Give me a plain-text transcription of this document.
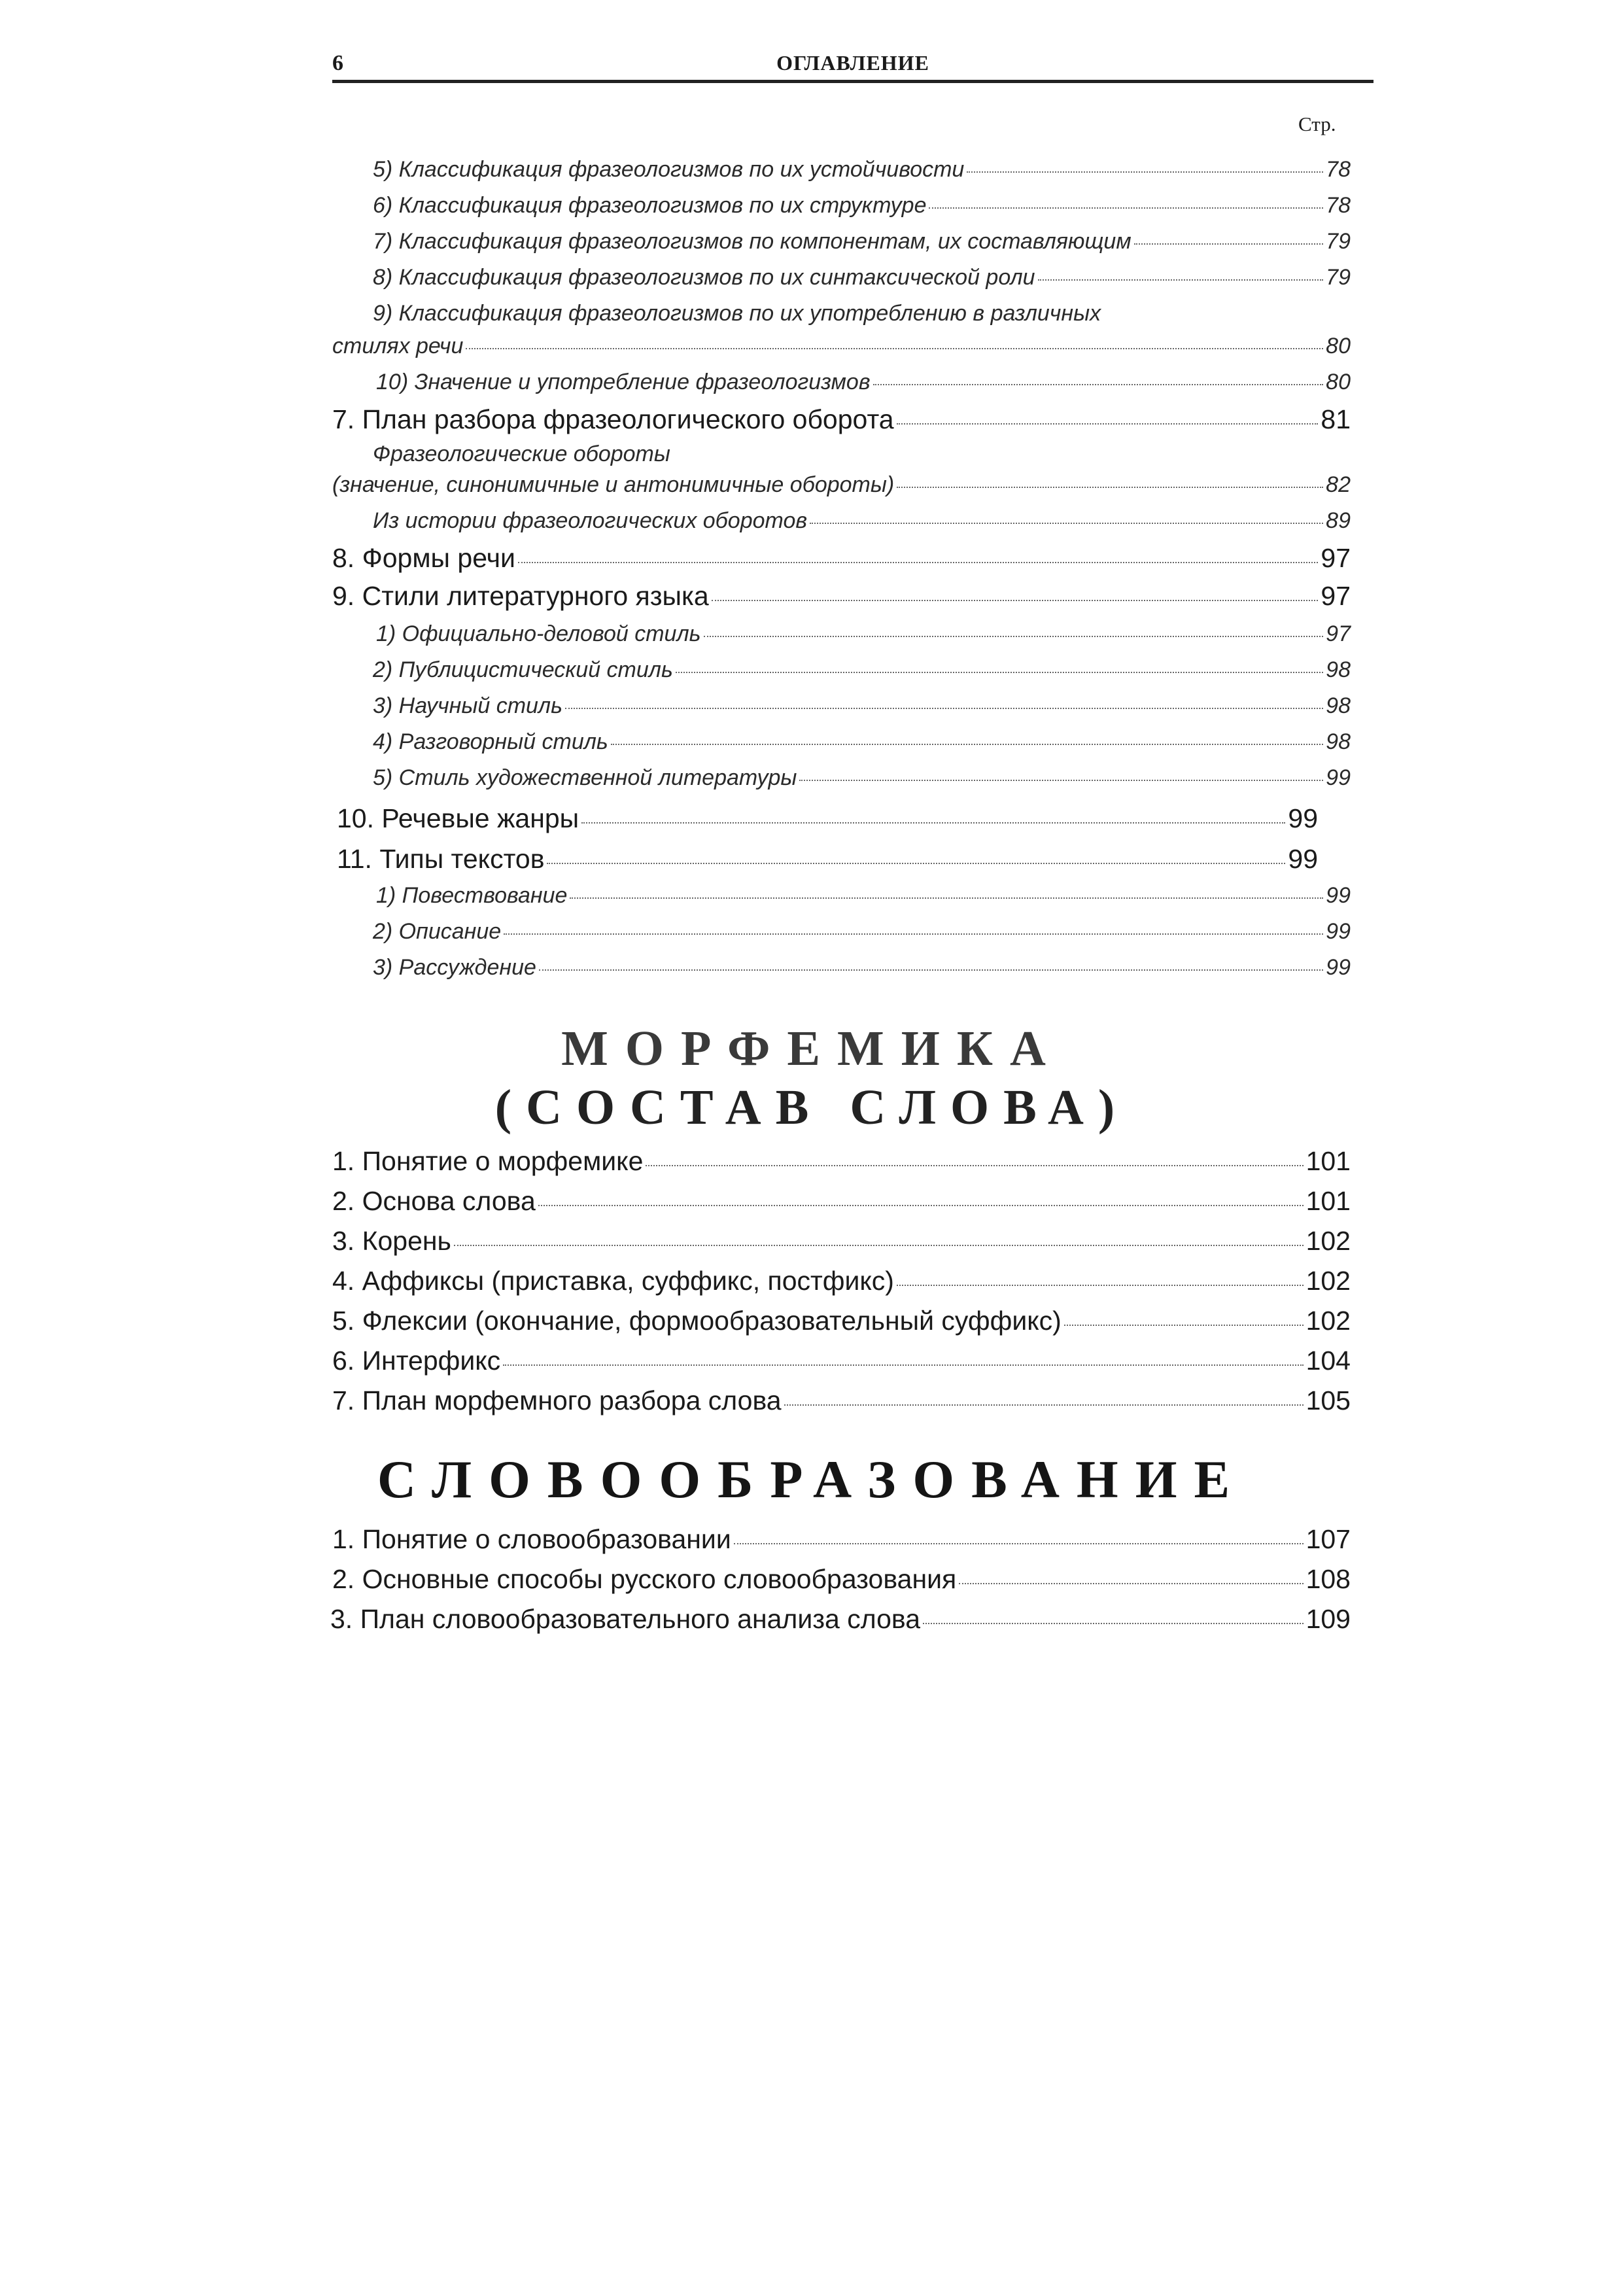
6	ОГЛАВЛЕНИЕ
Стр.
5) Классификация фразеологизмов по их устойчивости	78
6) Классификация фразеологизмов по их структуре	78
7) Классификация фразеологизмов по компонентам, их составляющим	79
8) Классификация фразеологизмов по их синтаксической роли	79
9) Классификация фразеологизмов по их употреблению в различных
стилях речи	80
10) Значение и употребление фразеологизмов	80
7. План разбора фразеологического оборота	81
Фразеологические обороты
(значение, синонимичные и антонимичные обороты)	82
Из истории фразеологических оборотов	89
8. Формы речи	97
9. Стили литературного языка	97
1) Официально-деловой стиль	97
2) Публицистический стиль	98
3) Научный стиль	98
4) Разговорный стиль	98
5) Стиль художественной литературы	99
10. Речевые жанры	99
11. Типы текстов	99
1) Повествование	99
2) Описание	99
3) Рассуждение	99
МОРФЕМИКА
(СОСТАВ СЛОВА)
1. Понятие о морфемике	101
2. Основа слова	101
3. Корень	102
4. Аффиксы (приставка, суффикс, постфикс)	102
5. Флексии (окончание, формообразовательный суффикс)	102
6. Интерфикс	104
7. План морфемного разбора слова	105
СЛОВООБРАЗОВАНИЕ
1. Понятие о словообразовании	107
2. Основные способы русского словообразования	108
3. План словообразовательного анализа слова	109
